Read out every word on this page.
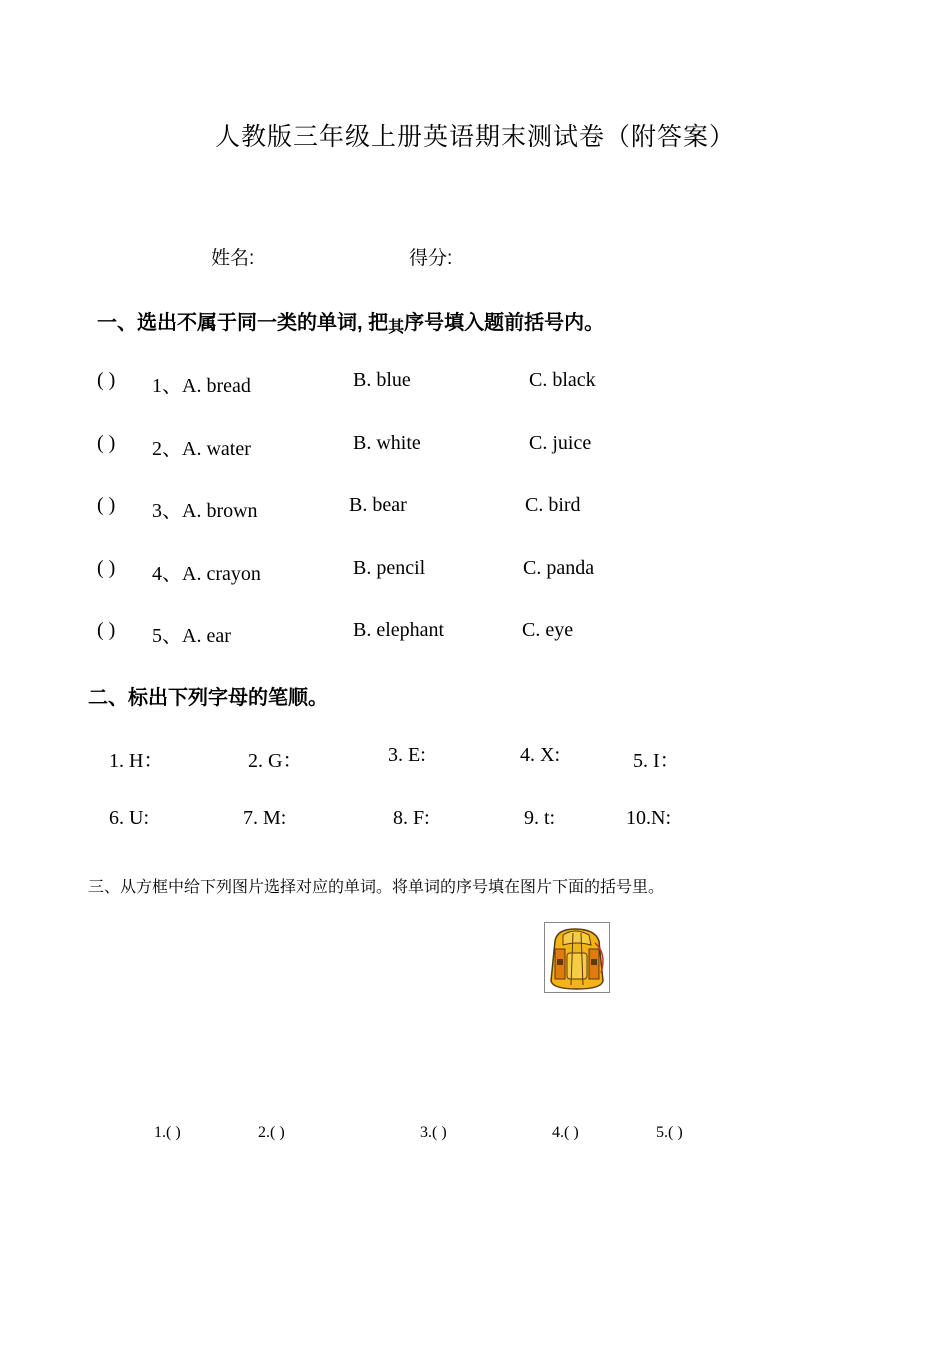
人教版三年级上册英语期末测试卷（附答案）
姓名:	得分:
一、选出不属于同一类的单词, 把其序号填入题前括号内。
( ) 1、A. bread	B. blue	C. black
( ) 2、A. water	B. white	C. juice
( ) 3、A. brown	B. bear	C. bird
( ) 4、A. crayon	B. pencil	C. panda
( ) 5、A. ear	B. elephant	C. eye
二、标出下列字母的笔顺。
1. H：	2. G：	3. E:	4. X:	5. I：
6. U:	7. M:	8. F:	9. t:	10.N:
三、从方框中给下列图片选择对应的单词。将单词的序号填在图片下面的括号里。
1.( )	2.( )	3.( )	4.( )	5.( )
